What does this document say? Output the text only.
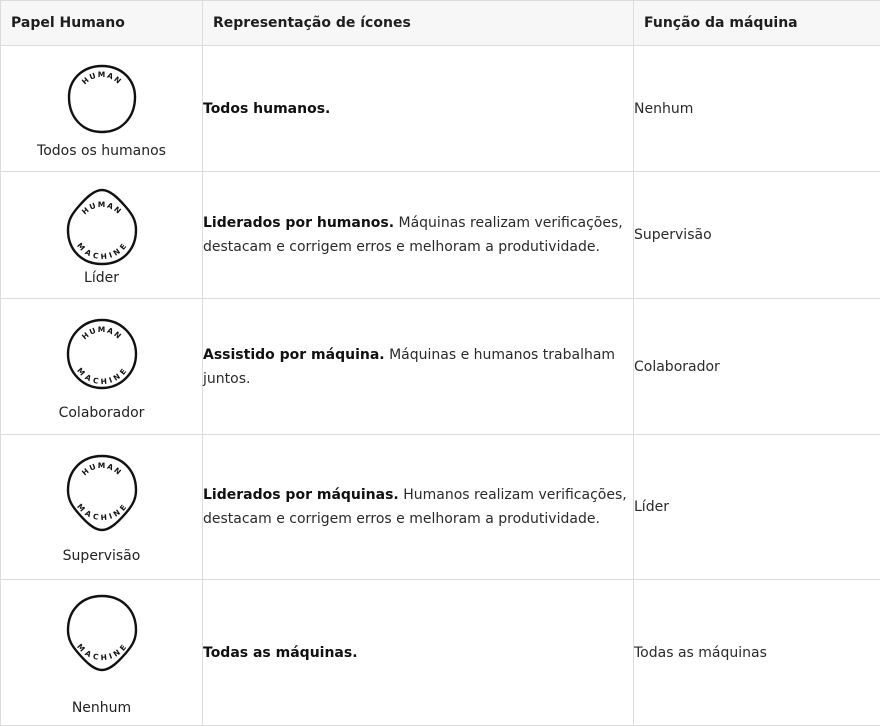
Papel Humano	Representação de ícones	Função da máquina

HUMAN
Todos os humanos	Todos humanos.	Nenhum

HUMAN
MACHINE
Líder	Liderados por humanos. Máquinas realizam verificações, destacam e corrigem erros e melhoram a produtividade.	Supervisão

HUMAN
MACHINE
Colaborador	Assistido por máquina. Máquinas e humanos trabalham juntos.	Colaborador

HUMAN
MACHINE
Supervisão	Liderados por máquinas. Humanos realizam verificações, destacam e corrigem erros e melhoram a produtividade.	Líder

MACHINE
Nenhum	Todas as máquinas.	Todas as máquinas
